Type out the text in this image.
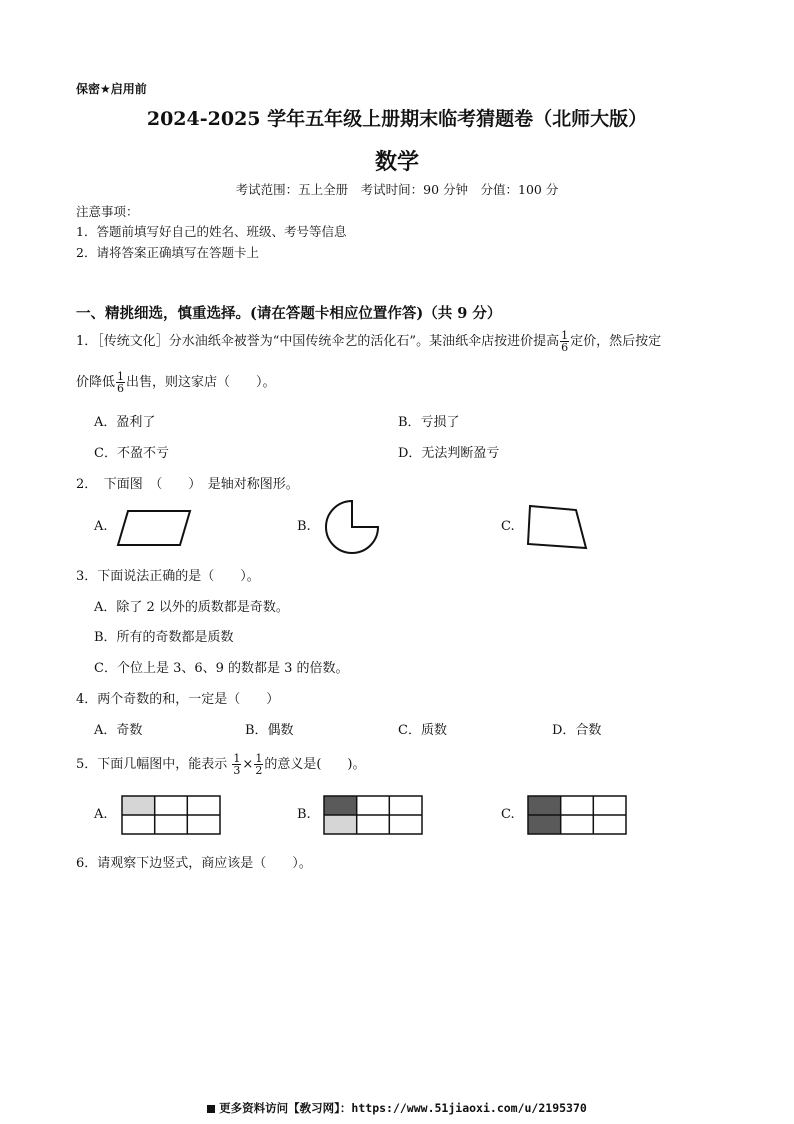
保密★启用前
2024-2025 学年五年级上册期末临考猜题卷（北师大版）
数学
考试范围：五上全册　考试时间：90 分钟　分值：100 分
注意事项：
1．答题前填写好自己的姓名、班级、考号等信息
2．请将答案正确填写在答题卡上
一、精挑细选，慎重选择。(请在答题卡相应位置作答)（共 9 分）
1．［传统文化］分水油纸伞被誉为“中国传统伞艺的活化石”。某油纸伞店按进价提高 $\frac{1}{6}$ 定价，然后按定
价降低 $\frac{1}{6}$ 出售，则这家店（　　）。
A．盈利了	B．亏损了
C．不盈不亏	D．无法判断盈亏
2．　下面图　（　　）　是轴对称图形。
A.	B.	C.
3．下面说法正确的是（　　）。
A．除了 2 以外的质数都是奇数。
B．所有的奇数都是质数
C．个位上是 3、6、9 的数都是 3 的倍数。
4．两个奇数的和，一定是（　　）
A．奇数	B．偶数	C．质数	D．合数
5．下面几幅图中，能表示 $\frac{1}{3} \times \frac{1}{2}$ 的意义是(　　)。
A.	B.	C.
6．请观察下边竖式，商应该是（　　）。
更多资料访问【敎习网】：https://www.51jiaoxi.com/u/2195370
